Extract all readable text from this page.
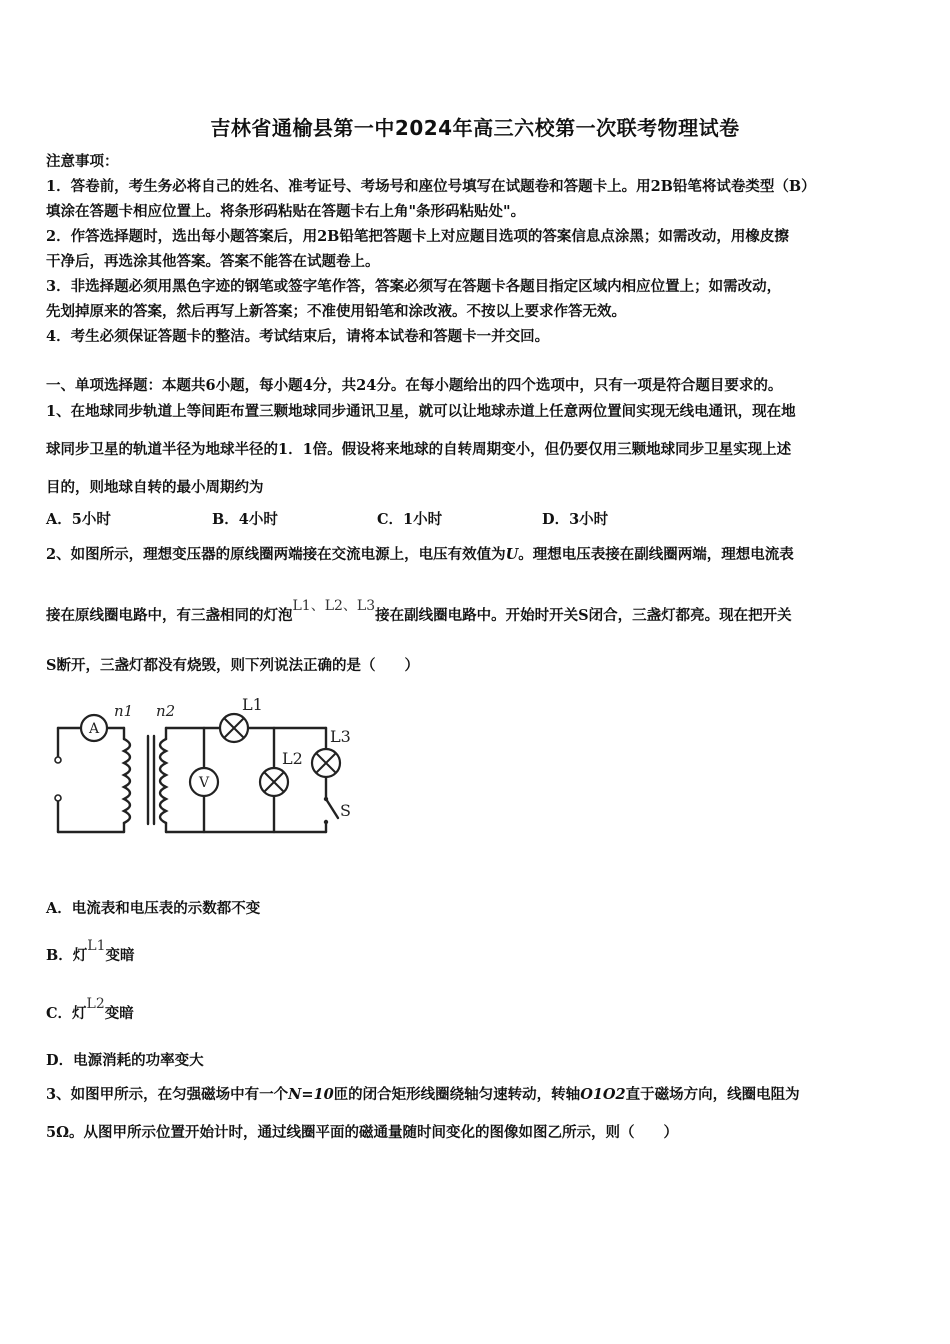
吉林省通榆县第一中2024年高三六校第一次联考物理试卷
注意事项：
1．答卷前，考生务必将自己的姓名、准考证号、考场号和座位号填写在试题卷和答题卡上。用2B铅笔将试卷类型（B）
填涂在答题卡相应位置上。将条形码粘贴在答题卡右上角"条形码粘贴处"。
2．作答选择题时，选出每小题答案后，用2B铅笔把答题卡上对应题目选项的答案信息点涂黑；如需改动，用橡皮擦
干净后，再选涂其他答案。答案不能答在试题卷上。
3．非选择题必须用黑色字迹的钢笔或签字笔作答，答案必须写在答题卡各题目指定区域内相应位置上；如需改动，
先划掉原来的答案，然后再写上新答案；不准使用铅笔和涂改液。不按以上要求作答无效。
4．考生必须保证答题卡的整洁。考试结束后，请将本试卷和答题卡一并交回。
一、单项选择题：本题共6小题，每小题4分，共24分。在每小题给出的四个选项中，只有一项是符合题目要求的。
1、在地球同步轨道上等间距布置三颗地球同步通讯卫星，就可以让地球赤道上任意两位置间实现无线电通讯，现在地
球同步卫星的轨道半径为地球半径的1．1倍。假设将来地球的自转周期变小，但仍要仅用三颗地球同步卫星实现上述
目的，则地球自转的最小周期约为
A．5小时	B．4小时	C．1小时	D．3小时
2、如图所示，理想变压器的原线圈两端接在交流电源上，电压有效值为U。理想电压表接在副线圈两端，理想电流表
接在原线圈电路中，有三盏相同的灯泡L1、L2、L3接在副线圈电路中。开始时开关S闭合，三盏灯都亮。现在把开关
S断开，三盏灯都没有烧毁，则下列说法正确的是（　　）
A
V
n1 n2	L1
L2
L3
S
A．电流表和电压表的示数都不变
B．灯L1变暗
C．灯L2变暗
D．电源消耗的功率变大
3、如图甲所示，在匀强磁场中有一个N=10匝的闭合矩形线圈绕轴匀速转动，转轴O1O2直于磁场方向，线圈电阻为
5Ω。从图甲所示位置开始计时，通过线圈平面的磁通量随时间变化的图像如图乙所示，则（　　）
